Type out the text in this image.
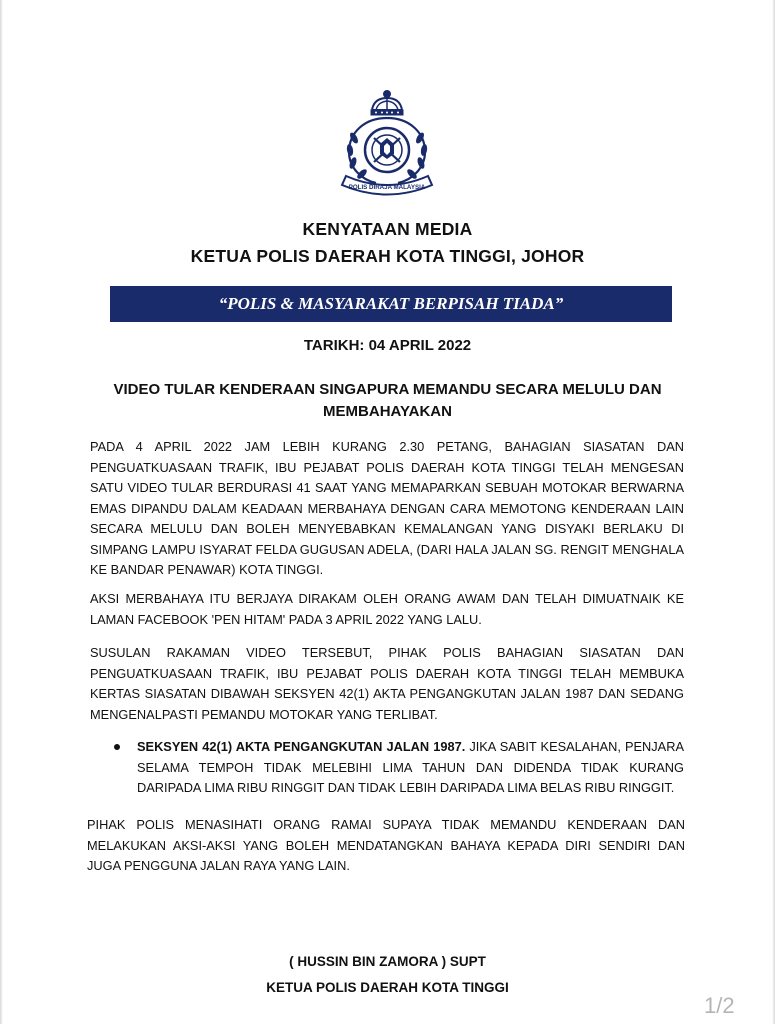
POLIS DIRAJA MALAYSIA
KENYATAAN MEDIA
KETUA POLIS DAERAH KOTA TINGGI, JOHOR
“POLIS & MASYARAKAT BERPISAH TIADA”
TARIKH: 04 APRIL 2022
VIDEO TULAR KENDERAAN SINGAPURA MEMANDU SECARA MELULU DAN MEMBAHAYAKAN
PADA 4 APRIL 2022 JAM LEBIH KURANG 2.30 PETANG, BAHAGIAN SIASATAN DAN PENGUATKUASAAN TRAFIK, IBU PEJABAT POLIS DAERAH KOTA TINGGI TELAH MENGESAN SATU VIDEO TULAR BERDURASI 41 SAAT YANG MEMAPARKAN SEBUAH MOTOKAR BERWARNA EMAS DIPANDU DALAM KEADAAN MERBAHAYA DENGAN CARA MEMOTONG KENDERAAN LAIN SECARA MELULU DAN BOLEH MENYEBABKAN KEMALANGAN YANG DISYAKI BERLAKU DI SIMPANG LAMPU ISYARAT FELDA GUGUSAN ADELA, (DARI HALA JALAN SG. RENGIT MENGHALA KE BANDAR PENAWAR) KOTA TINGGI.
AKSI MERBAHAYA ITU BERJAYA DIRAKAM OLEH ORANG AWAM DAN TELAH DIMUATNAIK KE LAMAN FACEBOOK 'PEN HITAM' PADA 3 APRIL 2022 YANG LALU.
SUSULAN RAKAMAN VIDEO TERSEBUT, PIHAK POLIS BAHAGIAN SIASATAN DAN PENGUATKUASAAN TRAFIK, IBU PEJABAT POLIS DAERAH KOTA TINGGI TELAH MEMBUKA KERTAS SIASATAN DIBAWAH SEKSYEN 42(1) AKTA PENGANGKUTAN JALAN 1987 DAN SEDANG MENGENALPASTI PEMANDU MOTOKAR YANG TERLIBAT.
SEKSYEN 42(1) AKTA PENGANGKUTAN JALAN 1987. JIKA SABIT KESALAHAN, PENJARA SELAMA TEMPOH TIDAK MELEBIHI LIMA TAHUN DAN DIDENDA TIDAK KURANG DARIPADA LIMA RIBU RINGGIT DAN TIDAK LEBIH DARIPADA LIMA BELAS RIBU RINGGIT.
PIHAK POLIS MENASIHATI ORANG RAMAI SUPAYA TIDAK MEMANDU KENDERAAN DAN MELAKUKAN AKSI-AKSI YANG BOLEH MENDATANGKAN BAHAYA KEPADA DIRI SENDIRI DAN JUGA PENGGUNA JALAN RAYA YANG LAIN.
( HUSSIN BIN ZAMORA ) SUPT
KETUA POLIS DAERAH KOTA TINGGI
1/2
